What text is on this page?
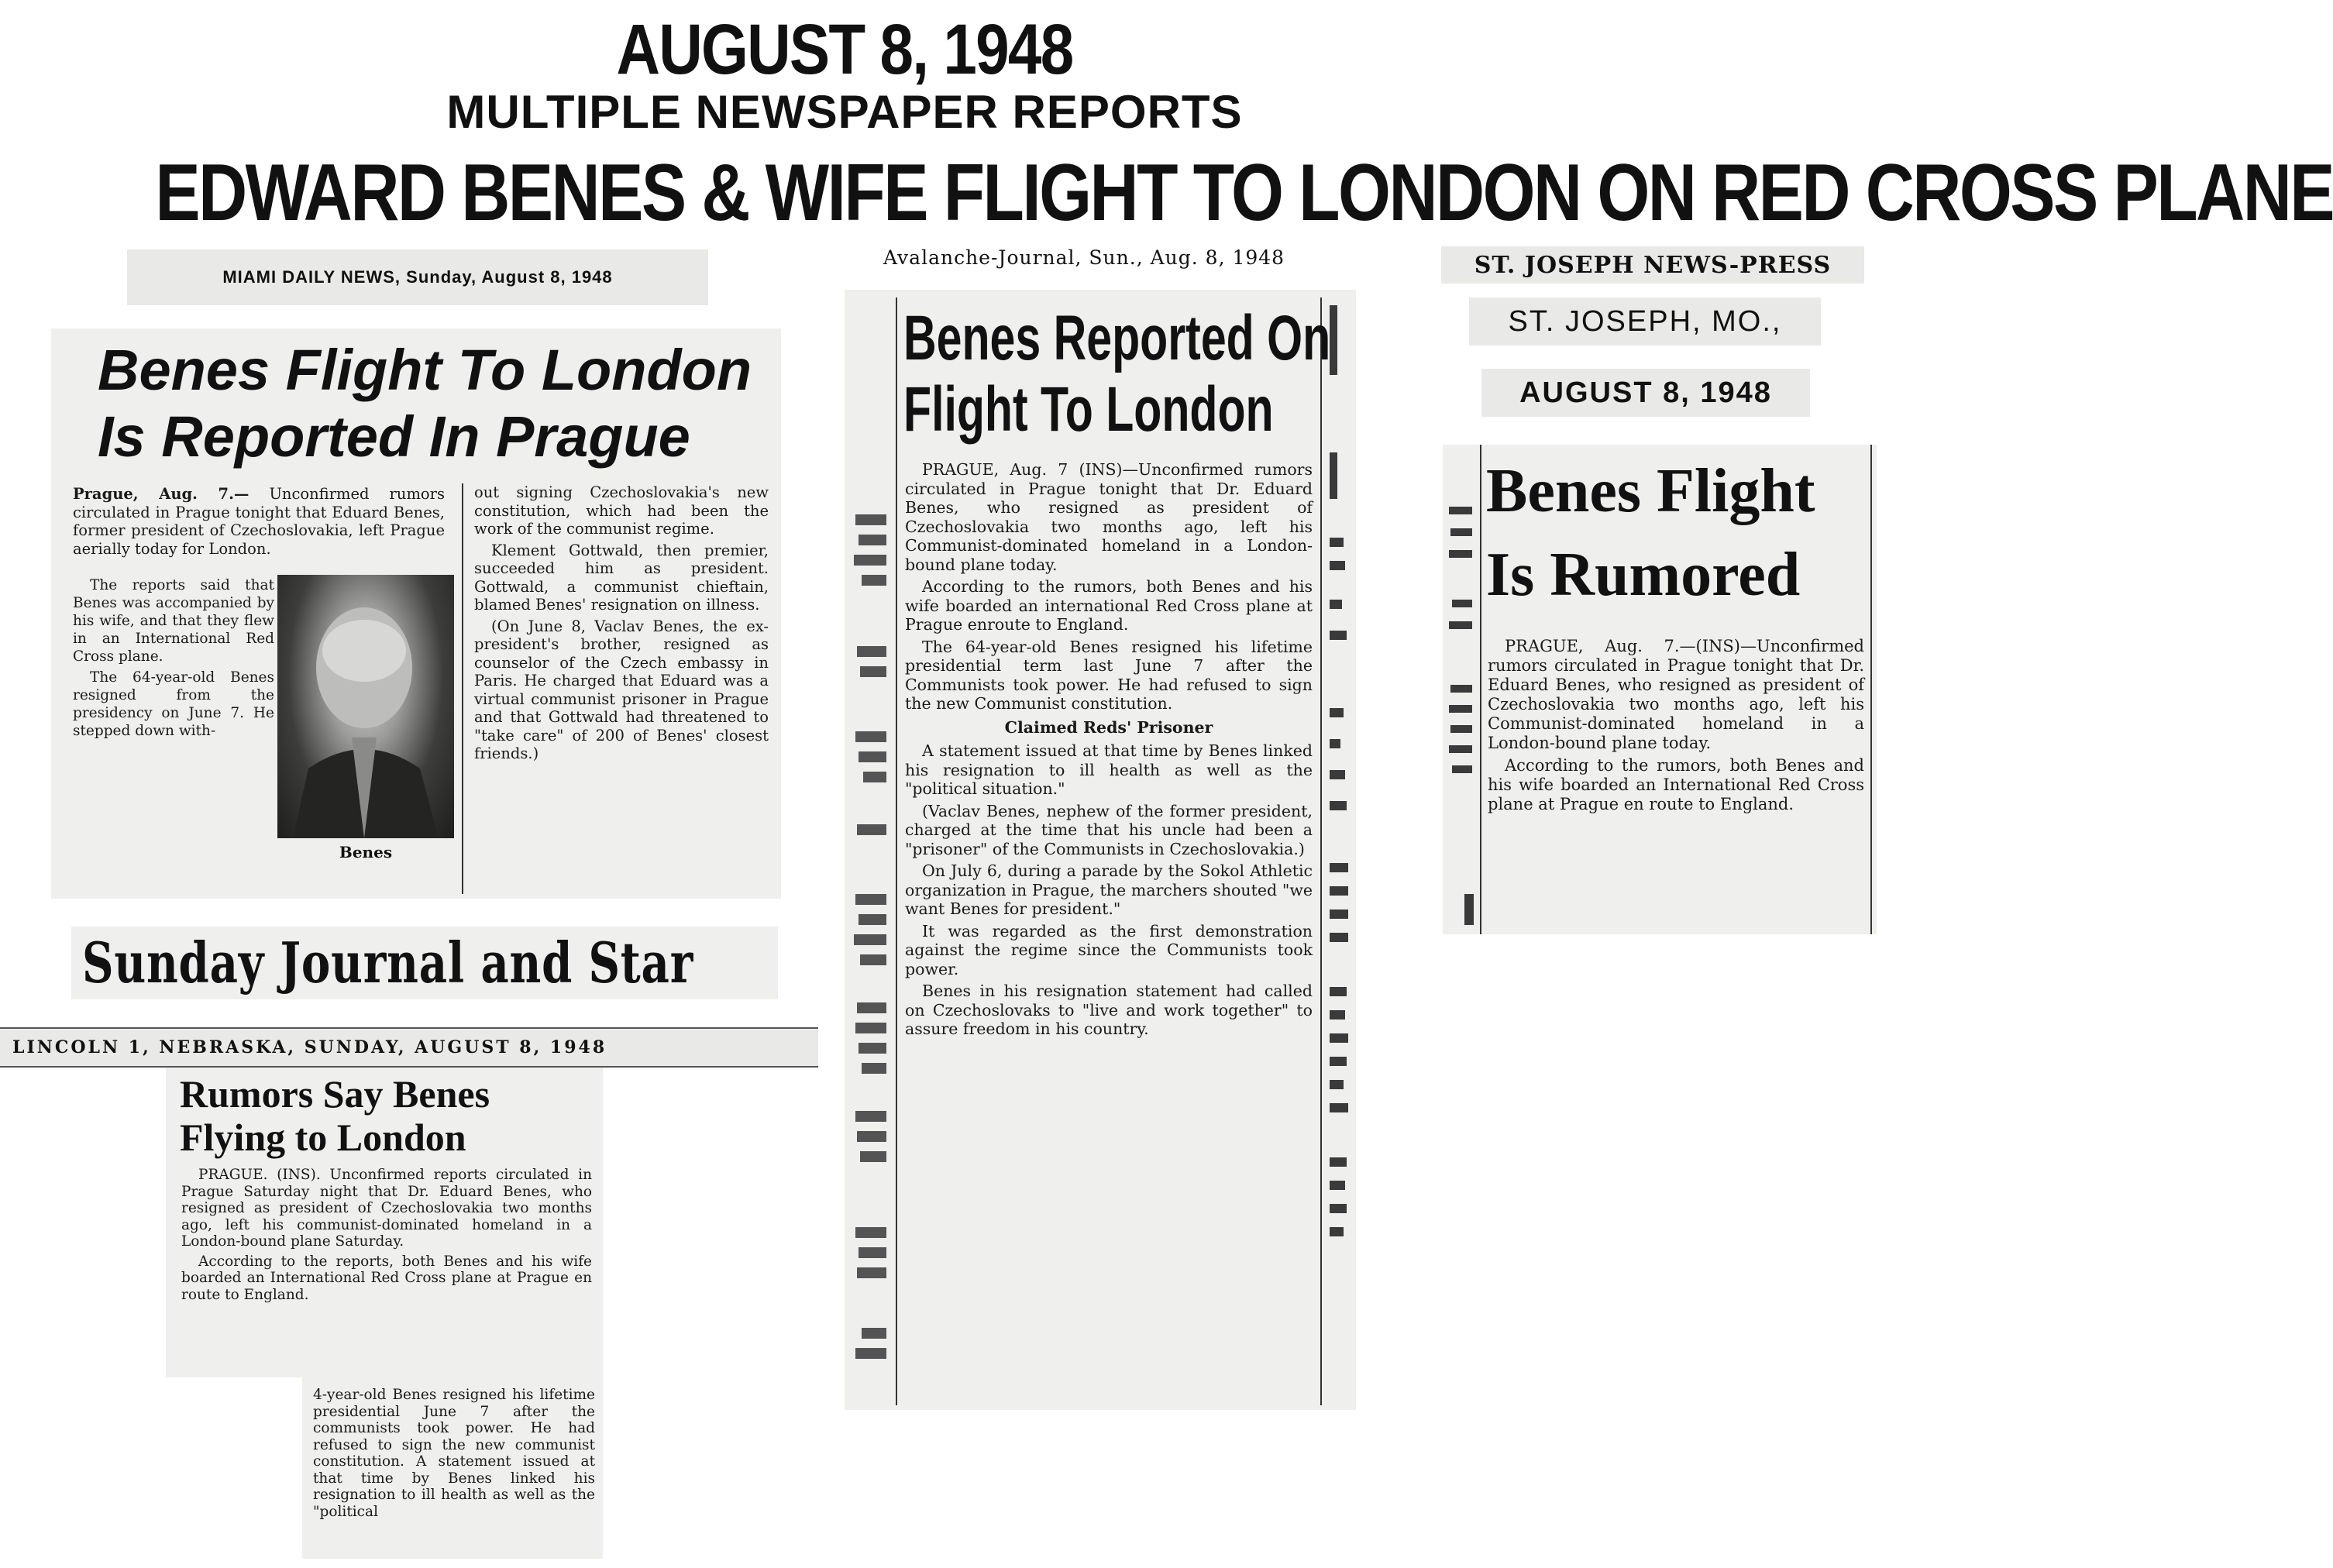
AUGUST 8, 1948
MULTIPLE NEWSPAPER REPORTS
EDWARD BENES & WIFE FLIGHT TO LONDON ON RED CROSS PLANE
MIAMI DAILY NEWS, Sunday, August 8, 1948
Benes Flight To London
Is Reported In Prague

Prague, Aug. 7.— Unconfirmed rumors circulated in Prague tonight that Eduard Benes, former president of Czechoslovakia, left Prague aerially today for London.

The reports said that Benes was accompanied by his wife, and that they flew in an International Red Cross plane.

The 64-year-old Benes resigned from the presidency on June 7. He stepped down with-

Benes

out signing Czechoslovakia's new constitution, which had been the work of the communist regime.

Klement Gottwald, then premier, succeeded him as president. Gottwald, a communist chieftain, blamed Benes' resignation on illness.

(On June 8, Vaclav Benes, the ex-president's brother, resigned as counselor of the Czech embassy in Paris. He charged that Eduard was a virtual communist prisoner in Prague and that Gottwald had threatened to "take care" of 200 of Benes' closest friends.)

Sunday Journal and Star
LINCOLN 1, NEBRASKA, SUNDAY, AUGUST 8, 1948
Rumors Say Benes
Flying to London

PRAGUE. (INS). Unconfirmed reports circulated in Prague Saturday night that Dr. Eduard Benes, who resigned as president of Czechoslovakia two months ago, left his communist-dominated homeland in a London-bound plane Saturday.

According to the reports, both Benes and his wife boarded an International Red Cross plane at Prague en route to England.

4-year-old Benes resigned his lifetime presidential June 7 after the communists took power. He had refused to sign the new communist constitution. A statement issued at that time by Benes linked his resignation to ill health as well as the "political

Avalanche-Journal, Sun., Aug. 8, 1948
Benes Reported On
Flight To London

PRAGUE, Aug. 7 (INS)—Unconfirmed rumors circulated in Prague tonight that Dr. Eduard Benes, who resigned as president of Czechoslovakia two months ago, left his Communist-dominated homeland in a London-bound plane today.

According to the rumors, both Benes and his wife boarded an international Red Cross plane at Prague enroute to England.

The 64-year-old Benes resigned his lifetime presidential term last June 7 after the Communists took power. He had refused to sign the new Communist constitution.

Claimed Reds' Prisoner

A statement issued at that time by Benes linked his resignation to ill health as well as the "political situation."

(Vaclav Benes, nephew of the former president, charged at the time that his uncle had been a "prisoner" of the Communists in Czechoslovakia.)

On July 6, during a parade by the Sokol Athletic organization in Prague, the marchers shouted "we want Benes for president."

It was regarded as the first demonstration against the regime since the Communists took power.

Benes in his resignation statement had called on Czechoslovaks to "live and work together" to assure freedom in his country.

ST. JOSEPH NEWS-PRESS
ST. JOSEPH, MO.,
AUGUST 8, 1948
Benes Flight
Is Rumored

PRAGUE, Aug. 7.—(INS)—Unconfirmed rumors circulated in Prague tonight that Dr. Eduard Benes, who resigned as president of Czechoslovakia two months ago, left his Communist-dominated homeland in a London-bound plane today.

According to the rumors, both Benes and his wife boarded an International Red Cross plane at Prague en route to England.
